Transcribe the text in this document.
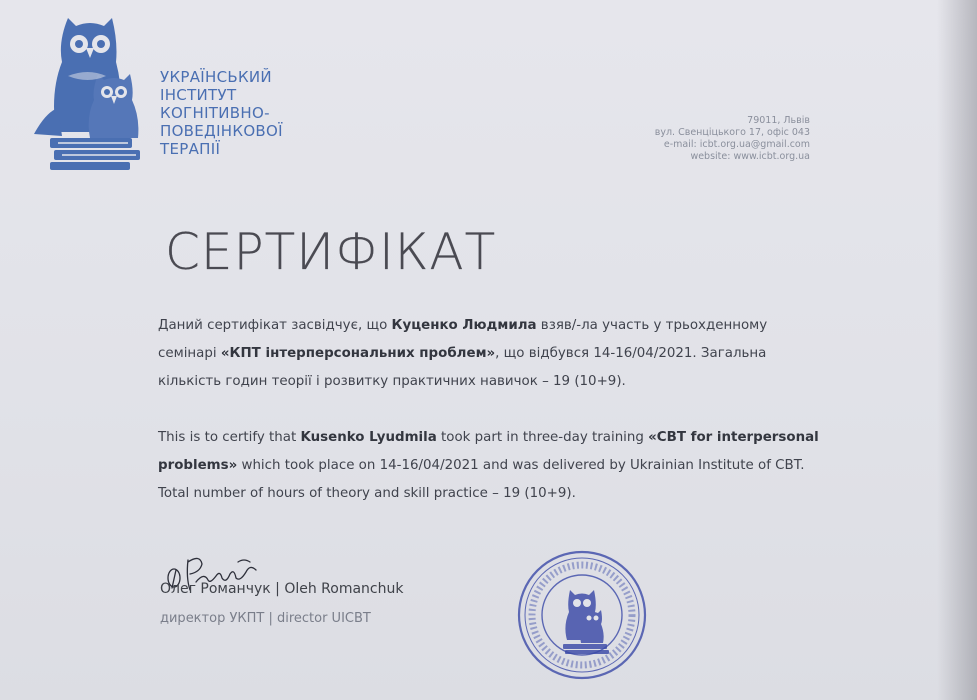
УКРАЇНСЬКИЙ
ІНСТИТУТ
КОГНІТИВНО-
ПОВЕДІНКОВОЇ
ТЕРАПІЇ
79011, Львів
вул. Свенціцького 17, офіс 043
e-mail: icbt.org.ua@gmail.com
website: www.icbt.org.ua
СЕРТИФІКАТ
Даний сертифікат засвідчує, що Куценко Людмила взяв/-ла участь у трьохденному семінарі «КПТ інтерперсональних проблем», що відбувся 14-16/04/2021. Загальна кількість годин теорії і розвитку практичних навичок – 19 (10+9).
This is to certify that Kusenko Lyudmila took part in three-day training «CBT for interpersonal problems» which took place on 14-16/04/2021 and was delivered by Ukrainian Institute of CBT. Total number of hours of theory and skill practice – 19 (10+9).
Олег Романчук | Oleh Romanchuk
директор УКПТ | director UICBT
